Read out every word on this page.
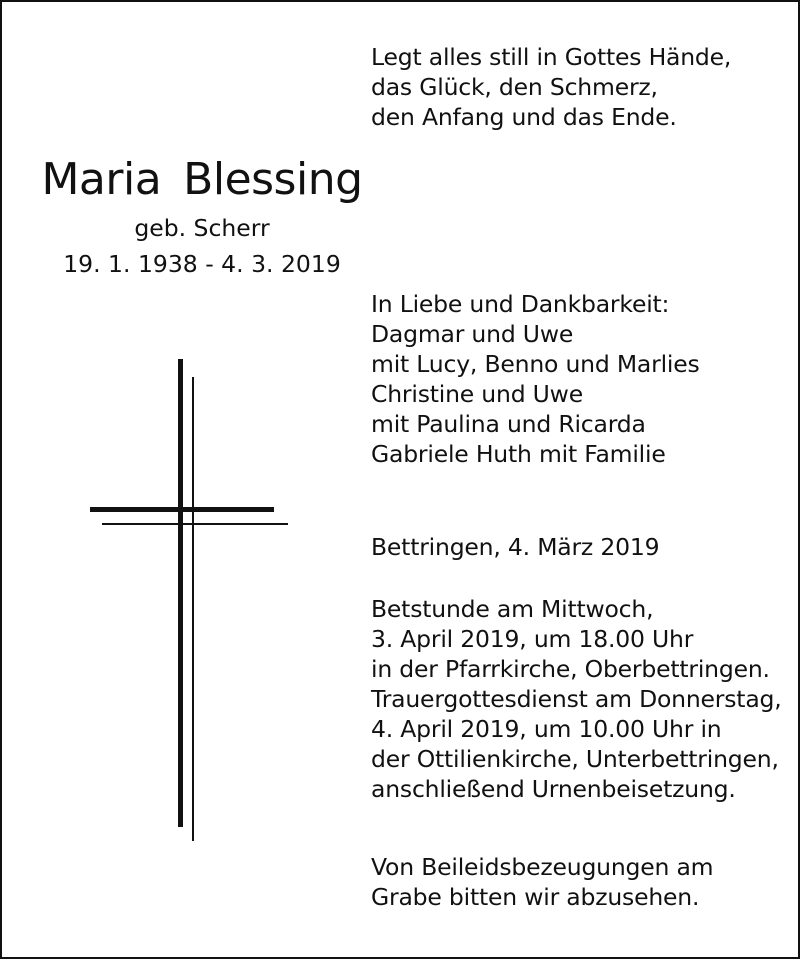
Legt alles still in Gottes Hände,
das Glück, den Schmerz,
den Anfang und das Ende.
Maria Blessing
geb. Scherr
19. 1. 1938 - 4. 3. 2019
In Liebe und Dankbarkeit:
Dagmar und Uwe
mit Lucy, Benno und Marlies
Christine und Uwe
mit Paulina und Ricarda
Gabriele Huth mit Familie
Bettringen, 4. März 2019
Betstunde am Mittwoch,
3. April 2019, um 18.00 Uhr
in der Pfarrkirche, Oberbettringen.
Trauergottesdienst am Donnerstag,
4. April 2019, um 10.00 Uhr in
der Ottilienkirche, Unterbettringen,
anschließend Urnenbeisetzung.
Von Beileidsbezeugungen am
Grabe bitten wir abzusehen.
